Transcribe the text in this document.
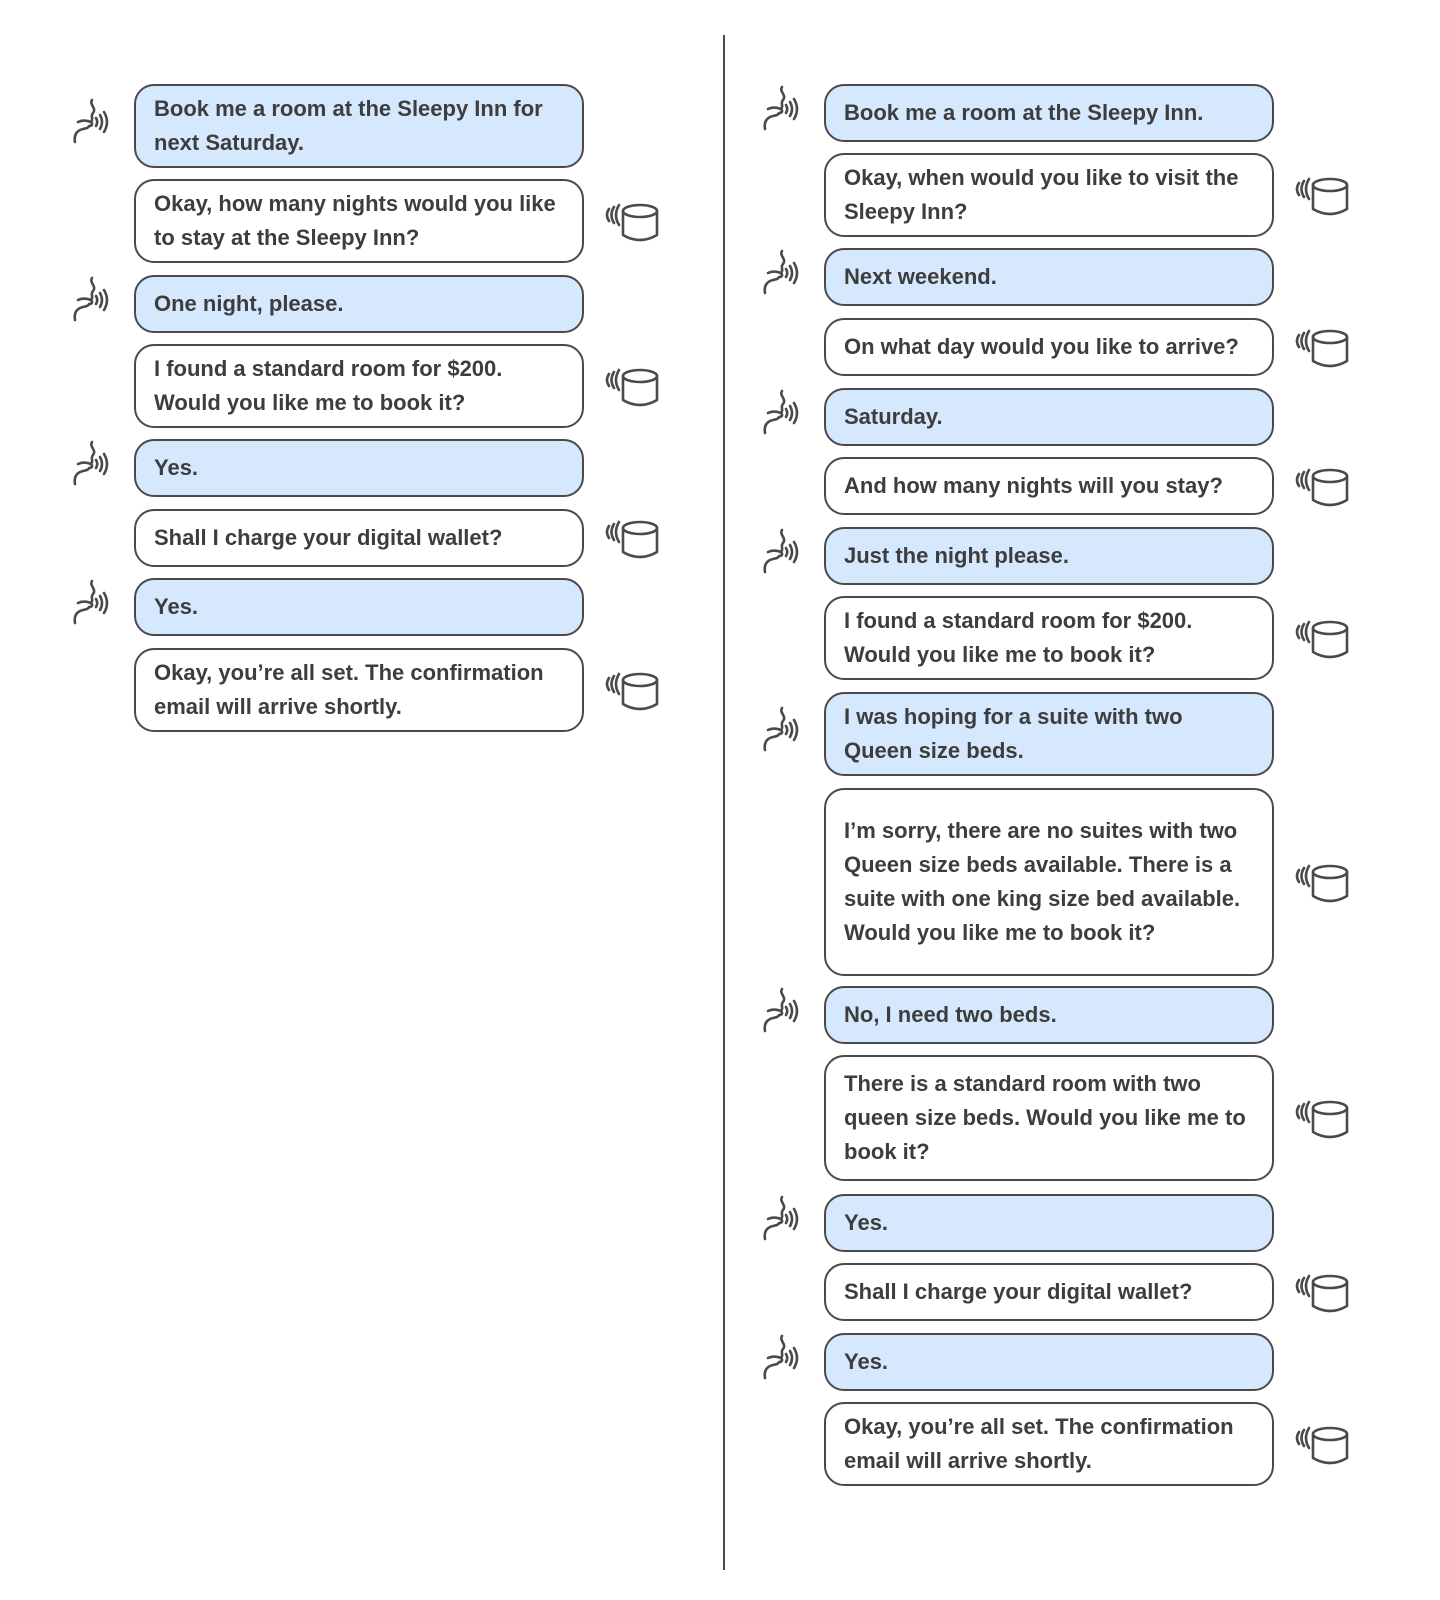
Book me a room at the Sleepy Inn for next Saturday.
Okay, how many nights would you like to stay at the Sleepy Inn?
One night, please.
I found a standard room for $200. Would you like me to book it?
Yes.
Shall I charge your digital wallet?
Yes.
Okay, you’re all set. The confirmation email will arrive shortly.
Book me a room at the Sleepy Inn.
Okay, when would you like to visit the Sleepy Inn?
Next weekend.
On what day would you like to arrive?
Saturday.
And how many nights will you stay?
Just the night please.
I found a standard room for $200. Would you like me to book it?
I was hoping for a suite with two Queen size beds.
I’m sorry, there are no suites with two Queen size beds available. There is a suite with one king size bed available. Would you like me to book it?
No, I need two beds.
There is a standard room with two queen size beds. Would you like me to book it?
Yes.
Shall I charge your digital wallet?
Yes.
Okay, you’re all set. The confirmation email will arrive shortly.
